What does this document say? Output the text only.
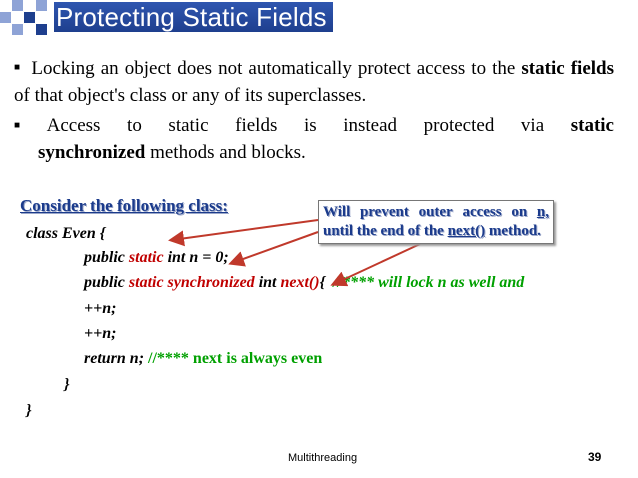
Protecting Static Fields
■ Locking an object does not automatically protect access to the static fields of that object's class or any of its superclasses.
■ Access to static fields is instead protected via static
synchronized methods and blocks.
Consider the following class:
class Even {
public static int n = 0;
public static synchronized int next(){ //**** will lock n as well and
++n;
++n;
return n; //**** next is always even
}
}
Will prevent outer access on n,
until the end of the next() method.
Multithreading	39
